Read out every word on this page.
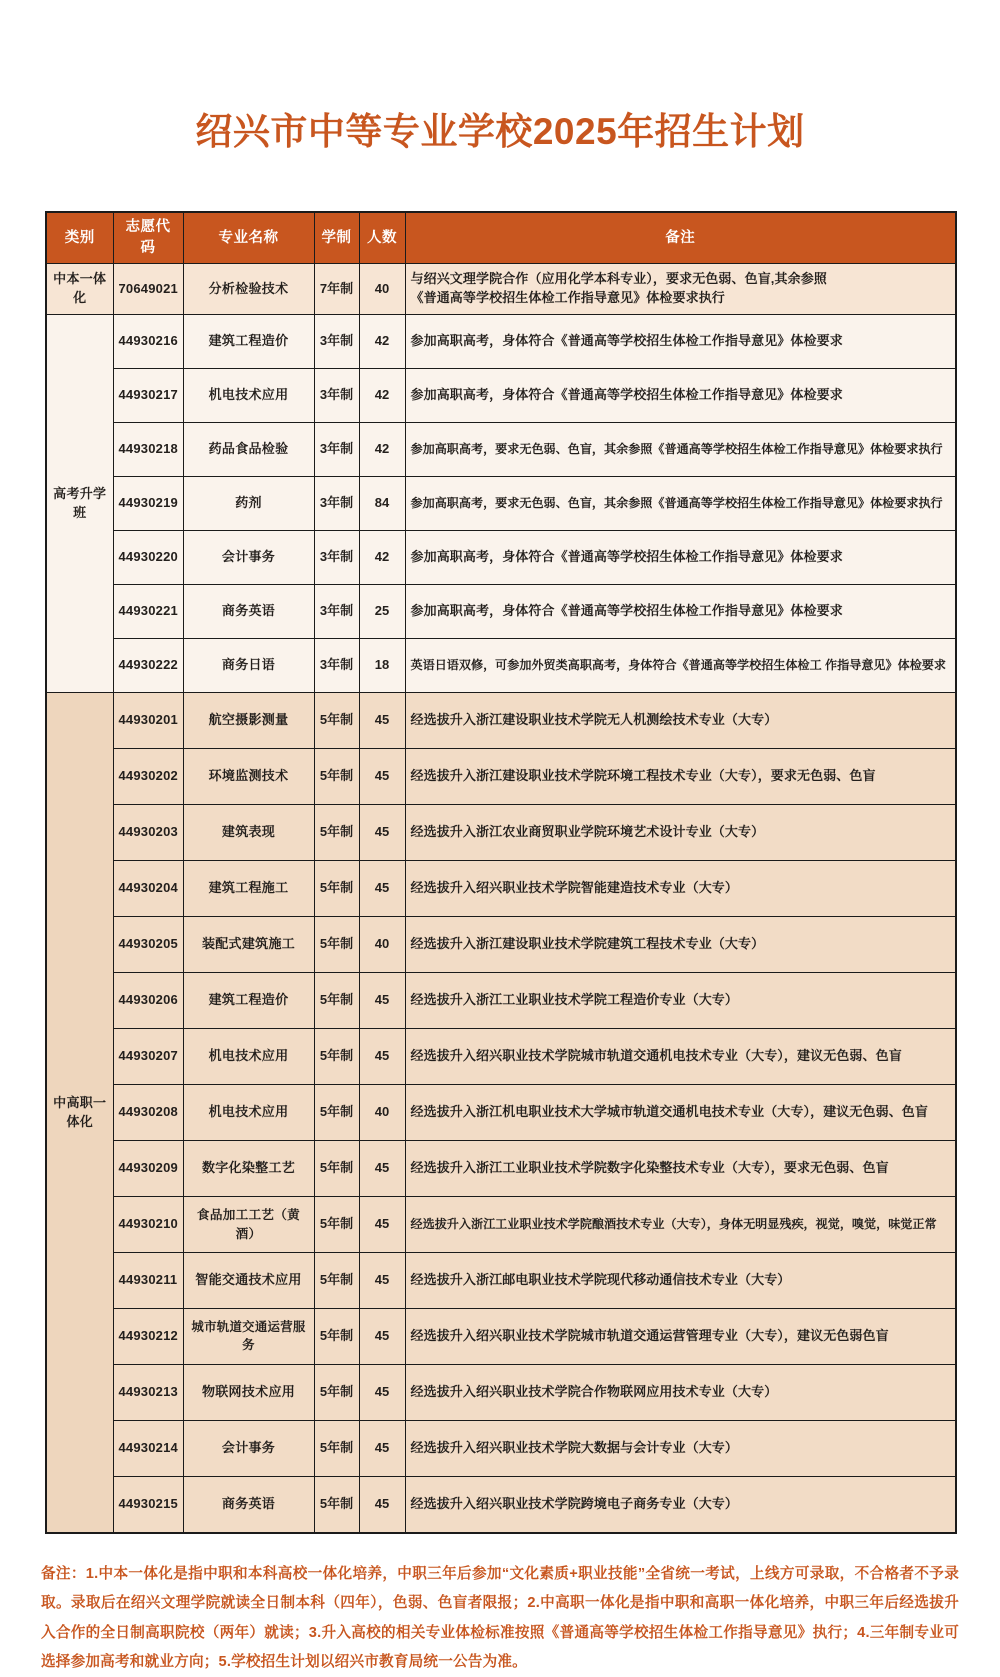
绍兴市中等专业学校2025年招生计划
类别	志愿代码	专业名称	学制	人数	备注
中本一体化	70649021	分析检验技术	7年制	40	与绍兴文理学院合作（应用化学本科专业），要求无色弱、色盲,其余参照
《普通高等学校招生体检工作指导意见》体检要求执行

高考升学班	44930216	建筑工程造价	3年制	42	参加高职高考，身体符合《普通高等学校招生体检工作指导意见》体检要求
	44930217	机电技术应用	3年制	42	参加高职高考，身体符合《普通高等学校招生体检工作指导意见》体检要求
	44930218	药品食品检验	3年制	42	参加高职高考，要求无色弱、色盲，其余参照《普通高等学校招生体检工作指导意见》体检要求执行
	44930219	药剂	3年制	84	参加高职高考，要求无色弱、色盲，其余参照《普通高等学校招生体检工作指导意见》体检要求执行
	44930220	会计事务	3年制	42	参加高职高考，身体符合《普通高等学校招生体检工作指导意见》体检要求
	44930221	商务英语	3年制	25	参加高职高考，身体符合《普通高等学校招生体检工作指导意见》体检要求
	44930222	商务日语	3年制	18	英语日语双修，可参加外贸类高职高考，身体符合《普通高等学校招生体检工 作指导意见》体检要求
中高职一体化	44930201	航空摄影测量	5年制	45	经选拔升入浙江建设职业技术学院无人机测绘技术专业（大专）
	44930202	环境监测技术	5年制	45	经选拔升入浙江建设职业技术学院环境工程技术专业（大专），要求无色弱、色盲
	44930203	建筑表现	5年制	45	经选拔升入浙江农业商贸职业学院环境艺术设计专业（大专）
	44930204	建筑工程施工	5年制	45	经选拔升入绍兴职业技术学院智能建造技术专业（大专）
	44930205	装配式建筑施工	5年制	40	经选拔升入浙江建设职业技术学院建筑工程技术专业（大专）
	44930206	建筑工程造价	5年制	45	经选拔升入浙江工业职业技术学院工程造价专业（大专）
	44930207	机电技术应用	5年制	45	经选拔升入绍兴职业技术学院城市轨道交通机电技术专业（大专），建议无色弱、色盲
	44930208	机电技术应用	5年制	40	经选拔升入浙江机电职业技术大学城市轨道交通机电技术专业（大专），建议无色弱、色盲
	44930209	数字化染整工艺	5年制	45	经选拔升入浙江工业职业技术学院数字化染整技术专业（大专），要求无色弱、色盲
	44930210	食品加工工艺（黄酒）	5年制	45	经选拔升入浙江工业职业技术学院酿酒技术专业（大专），身体无明显残疾，视觉，嗅觉，味觉正常
	44930211	智能交通技术应用	5年制	45	经选拔升入浙江邮电职业技术学院现代移动通信技术专业（大专）
	44930212	城市轨道交通运营服务	5年制	45	经选拔升入绍兴职业技术学院城市轨道交通运营管理专业（大专），建议无色弱色盲
	44930213	物联网技术应用	5年制	45	经选拔升入绍兴职业技术学院合作物联网应用技术专业（大专）
	44930214	会计事务	5年制	45	经选拔升入绍兴职业技术学院大数据与会计专业（大专）
	44930215	商务英语	5年制	45	经选拔升入绍兴职业技术学院跨境电子商务专业（大专）
备注：1.中本一体化是指中职和本科高校一体化培养，中职三年后参加“文化素质+职业技能”全省统一考试，上线方可录取，不合格者不予录取。录取后在绍兴文理学院就读全日制本科（四年），色弱、色盲者限报；2.中高职一体化是指中职和高职一体化培养，中职三年后经选拔升入合作的全日制高职院校（两年）就读；3.升入高校的相关专业体检标准按照《普通高等学校招生体检工作指导意见》执行；4.三年制专业可选择参加高考和就业方向；5.学校招生计划以绍兴市教育局统一公告为准。
